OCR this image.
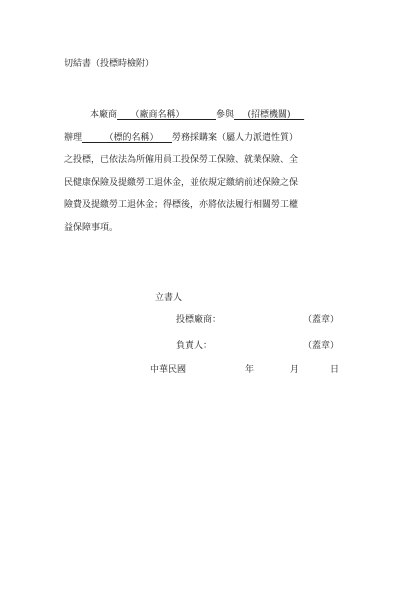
切結書（投標時檢附）
本廠商___（廠商名稱）_______參與___(招標機關)___
辦理_____（標的名稱）___勞務採購案（屬人力派遣性質）
之投標，已依法為所僱用員工投保勞工保險、就業保險、全
民健康保險及提繳勞工退休金，並依規定繳納前述保險之保
險費及提繳勞工退休金；得標後，亦將依法履行相關勞工權
益保障事項。
立書人
投標廠商：	（蓋章）
負責人：	（蓋章）
中華民國	年	月	日
